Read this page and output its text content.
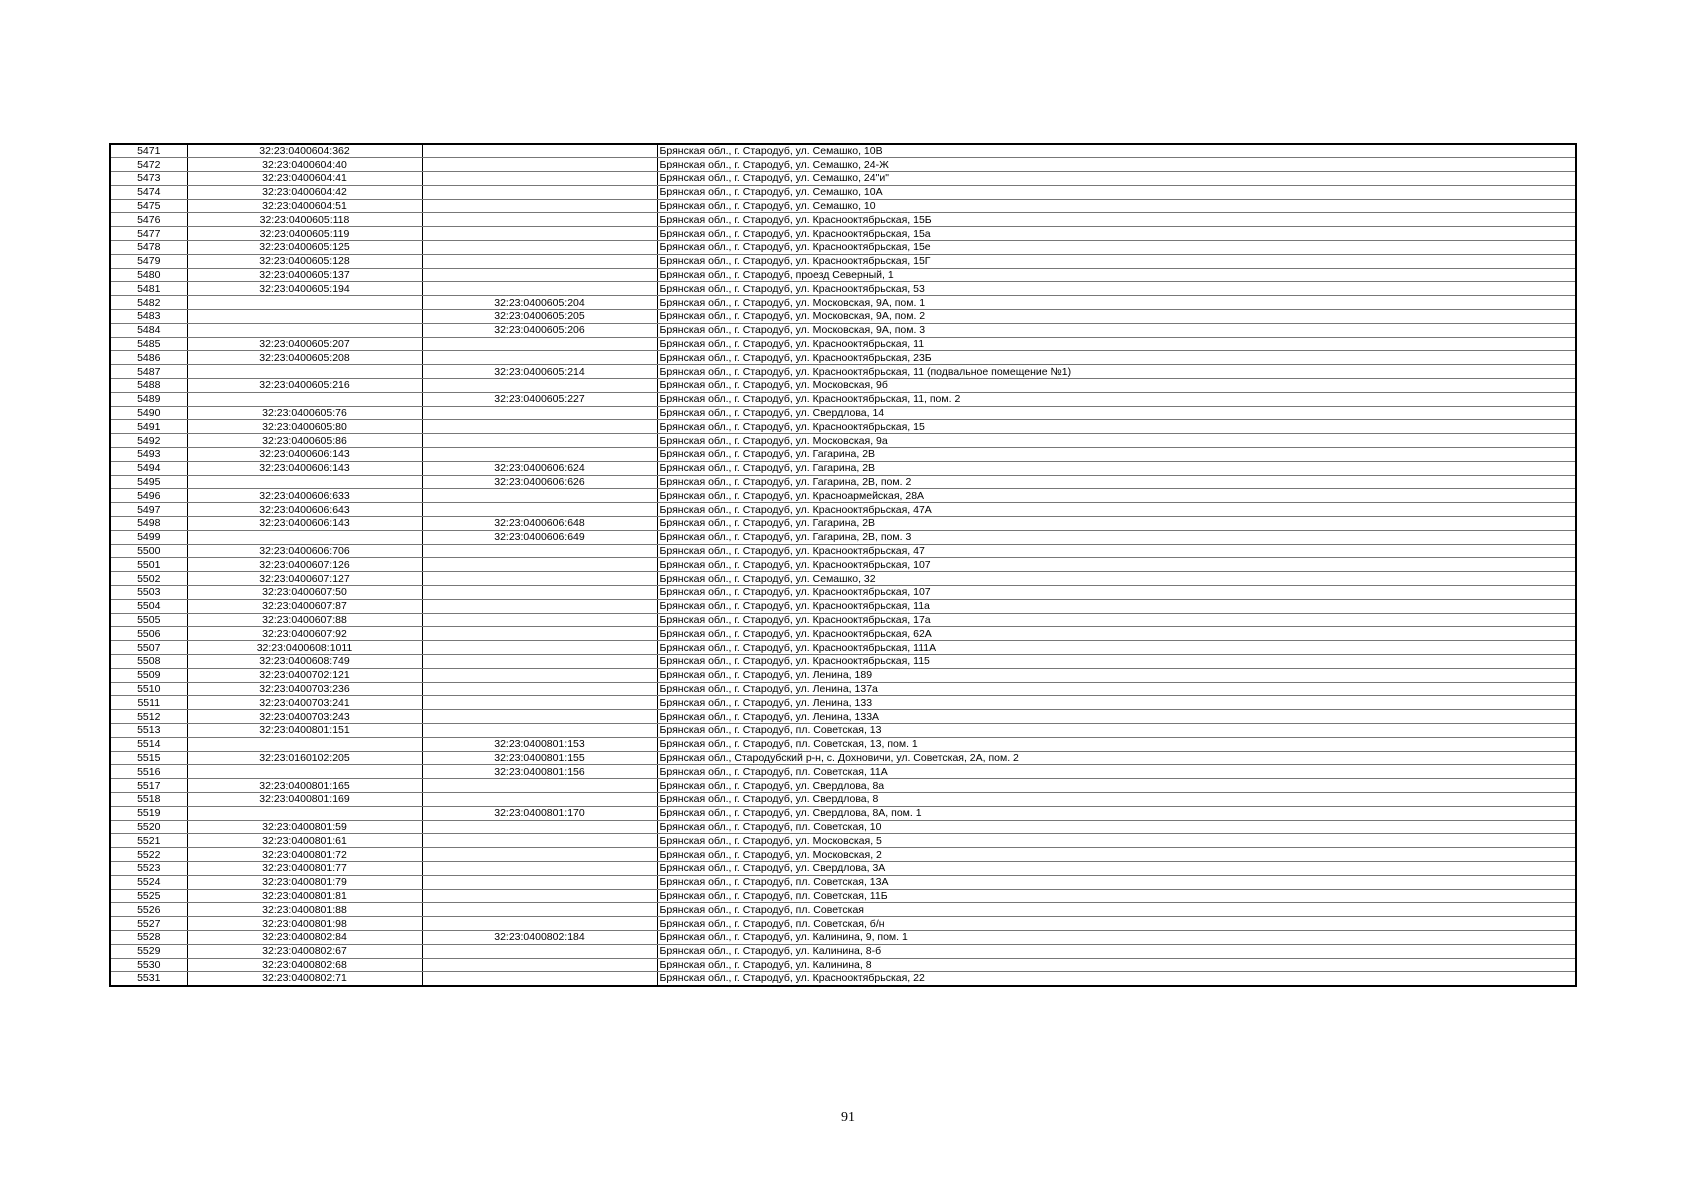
5471	32:23:0400604:362		Брянская обл., г. Стародуб, ул. Семашко, 10В
5472	32:23:0400604:40		Брянская обл., г. Стародуб, ул. Семашко, 24-Ж
5473	32:23:0400604:41		Брянская обл., г. Стародуб, ул. Семашко, 24"и"
5474	32:23:0400604:42		Брянская обл., г. Стародуб, ул. Семашко, 10А
5475	32:23:0400604:51		Брянская обл., г. Стародуб, ул. Семашко, 10
5476	32:23:0400605:118		Брянская обл., г. Стародуб, ул. Краснооктябрьская, 15Б
5477	32:23:0400605:119		Брянская обл., г. Стародуб, ул. Краснооктябрьская, 15а
5478	32:23:0400605:125		Брянская обл., г. Стародуб, ул. Краснооктябрьская, 15е
5479	32:23:0400605:128		Брянская обл., г. Стародуб, ул. Краснооктябрьская, 15Г
5480	32:23:0400605:137		Брянская обл., г. Стародуб, проезд Северный, 1
5481	32:23:0400605:194		Брянская обл., г. Стародуб, ул. Краснооктябрьская, 53
5482		32:23:0400605:204	Брянская обл., г. Стародуб, ул. Московская, 9А, пом. 1
5483		32:23:0400605:205	Брянская обл., г. Стародуб, ул. Московская, 9А, пом. 2
5484		32:23:0400605:206	Брянская обл., г. Стародуб, ул. Московская, 9А, пом. 3
5485	32:23:0400605:207		Брянская обл., г. Стародуб, ул. Краснооктябрьская, 11
5486	32:23:0400605:208		Брянская обл., г. Стародуб, ул. Краснооктябрьская, 23Б
5487		32:23:0400605:214	Брянская обл., г. Стародуб, ул. Краснооктябрьская, 11 (подвальное помещение №1)
5488	32:23:0400605:216		Брянская обл., г. Стародуб, ул. Московская, 9б
5489		32:23:0400605:227	Брянская обл., г. Стародуб, ул. Краснооктябрьская, 11, пом. 2
5490	32:23:0400605:76		Брянская обл., г. Стародуб, ул. Свердлова, 14
5491	32:23:0400605:80		Брянская обл., г. Стародуб, ул. Краснооктябрьская, 15
5492	32:23:0400605:86		Брянская обл., г. Стародуб, ул. Московская, 9а
5493	32:23:0400606:143		Брянская обл., г. Стародуб, ул. Гагарина, 2В
5494	32:23:0400606:143	32:23:0400606:624	Брянская обл., г. Стародуб, ул. Гагарина, 2В
5495		32:23:0400606:626	Брянская обл., г. Стародуб, ул. Гагарина, 2В, пом. 2
5496	32:23:0400606:633		Брянская обл., г. Стародуб, ул. Красноармейская, 28А
5497	32:23:0400606:643		Брянская обл., г. Стародуб, ул. Краснооктябрьская, 47А
5498	32:23:0400606:143	32:23:0400606:648	Брянская обл., г. Стародуб, ул. Гагарина, 2В
5499		32:23:0400606:649	Брянская обл., г. Стародуб, ул. Гагарина, 2В, пом. 3
5500	32:23:0400606:706		Брянская обл., г. Стародуб, ул. Краснооктябрьская, 47
5501	32:23:0400607:126		Брянская обл., г. Стародуб, ул. Краснооктябрьская, 107
5502	32:23:0400607:127		Брянская обл., г. Стародуб, ул. Семашко, 32
5503	32:23:0400607:50		Брянская обл., г. Стародуб, ул. Краснооктябрьская, 107
5504	32:23:0400607:87		Брянская обл., г. Стародуб, ул. Краснооктябрьская, 11а
5505	32:23:0400607:88		Брянская обл., г. Стародуб, ул. Краснооктябрьская, 17а
5506	32:23:0400607:92		Брянская обл., г. Стародуб, ул. Краснооктябрьская, 62А
5507	32:23:0400608:1011		Брянская обл., г. Стародуб, ул. Краснооктябрьская, 111А
5508	32:23:0400608:749		Брянская обл., г. Стародуб, ул. Краснооктябрьская, 115
5509	32:23:0400702:121		Брянская обл., г. Стародуб, ул. Ленина, 189
5510	32:23:0400703:236		Брянская обл., г. Стародуб, ул. Ленина, 137а
5511	32:23:0400703:241		Брянская обл., г. Стародуб, ул. Ленина, 133
5512	32:23:0400703:243		Брянская обл., г. Стародуб, ул. Ленина, 133А
5513	32:23:0400801:151		Брянская обл., г. Стародуб, пл. Советская, 13
5514		32:23:0400801:153	Брянская обл., г. Стародуб, пл. Советская, 13, пом. 1
5515	32:23:0160102:205	32:23:0400801:155	Брянская обл., Стародубский р-н, с. Дохновичи, ул. Советская, 2А, пом. 2
5516		32:23:0400801:156	Брянская обл., г. Стародуб, пл. Советская, 11А
5517	32:23:0400801:165		Брянская обл., г. Стародуб, ул. Свердлова, 8а
5518	32:23:0400801:169		Брянская обл., г. Стародуб, ул. Свердлова, 8
5519		32:23:0400801:170	Брянская обл., г. Стародуб, ул. Свердлова, 8А, пом. 1
5520	32:23:0400801:59		Брянская обл., г. Стародуб, пл. Советская, 10
5521	32:23:0400801:61		Брянская обл., г. Стародуб, ул. Московская, 5
5522	32:23:0400801:72		Брянская обл., г. Стародуб, ул. Московская, 2
5523	32:23:0400801:77		Брянская обл., г. Стародуб, ул. Свердлова, 3А
5524	32:23:0400801:79		Брянская обл., г. Стародуб, пл. Советская, 13А
5525	32:23:0400801:81		Брянская обл., г. Стародуб, пл. Советская, 11Б
5526	32:23:0400801:88		Брянская обл., г. Стародуб, пл. Советская
5527	32:23:0400801:98		Брянская обл., г. Стародуб, пл. Советская, б/н
5528	32:23:0400802:84	32:23:0400802:184	Брянская обл., г. Стародуб, ул. Калинина, 9, пом. 1
5529	32:23:0400802:67		Брянская обл., г. Стародуб, ул. Калинина, 8-б
5530	32:23:0400802:68		Брянская обл., г. Стародуб, ул. Калинина, 8
5531	32:23:0400802:71		Брянская обл., г. Стародуб, ул. Краснооктябрьская, 22
91
